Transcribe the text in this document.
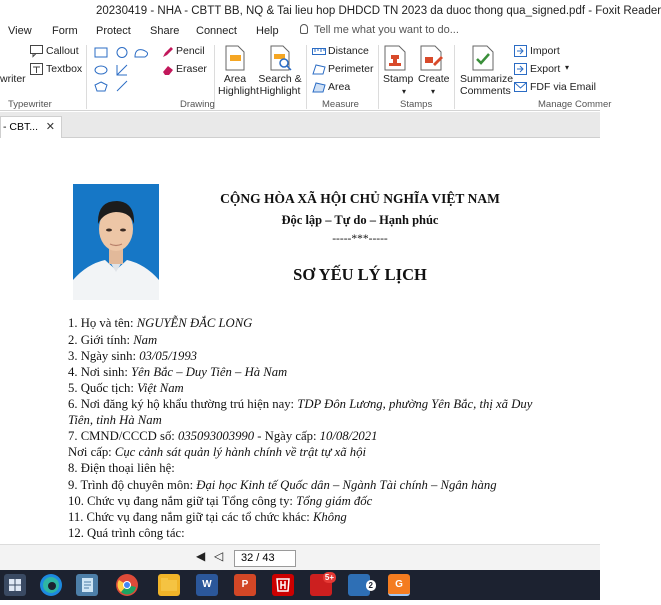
20230419 - NHA - CBTT BB, NQ & Tai lieu hop DHDCD TN 2023 da duoc thong qua_signed.pdf - Foxit Reader
View Form Protect Share Connect Help	Tell me what you want to do...
writer
Callout
Textbox
Typewriter
Pencil
Eraser
Area
Highlight
Search &
Highlight
Drawing
Distance
Perimeter
Area
Measure
Stamp
▾
Create
▾
Stamps
Summarize
Comments
Import
Export ▾
FDF via Email
Manage Commer
- CBT... ✕
CỘNG HÒA XÃ HỘI CHỦ NGHĨA VIỆT NAM
Độc lập – Tự do – Hạnh phúc
-----***-----
SƠ YẾU LÝ LỊCH
1. Họ và tên: NGUYỄN ĐẮC LONG
2. Giới tính: Nam
3. Ngày sinh: 03/05/1993
4. Nơi sinh: Yên Bắc – Duy Tiên – Hà Nam
5. Quốc tịch: Việt Nam
6. Nơi đăng ký hộ khẩu thường trú hiện nay: TDP Đôn Lương, phường Yên Bắc, thị xã Duy
Tiên, tỉnh Hà Nam
7. CMND/CCCD số: 035093003990 - Ngày cấp: 10/08/2021
Nơi cấp: Cục cảnh sát quản lý hành chính về trật tự xã hội
8. Điện thoại liên hệ:
9. Trình độ chuyên môn: Đại học Kinh tế Quốc dân – Ngành Tài chính – Ngân hàng
10. Chức vụ đang nắm giữ tại Tổng công ty: Tổng giám đốc
11. Chức vụ đang nắm giữ tại các tổ chức khác: Không
12. Quá trình công tác:
◀ ◁	32 / 43
W	P
5+
2	G
